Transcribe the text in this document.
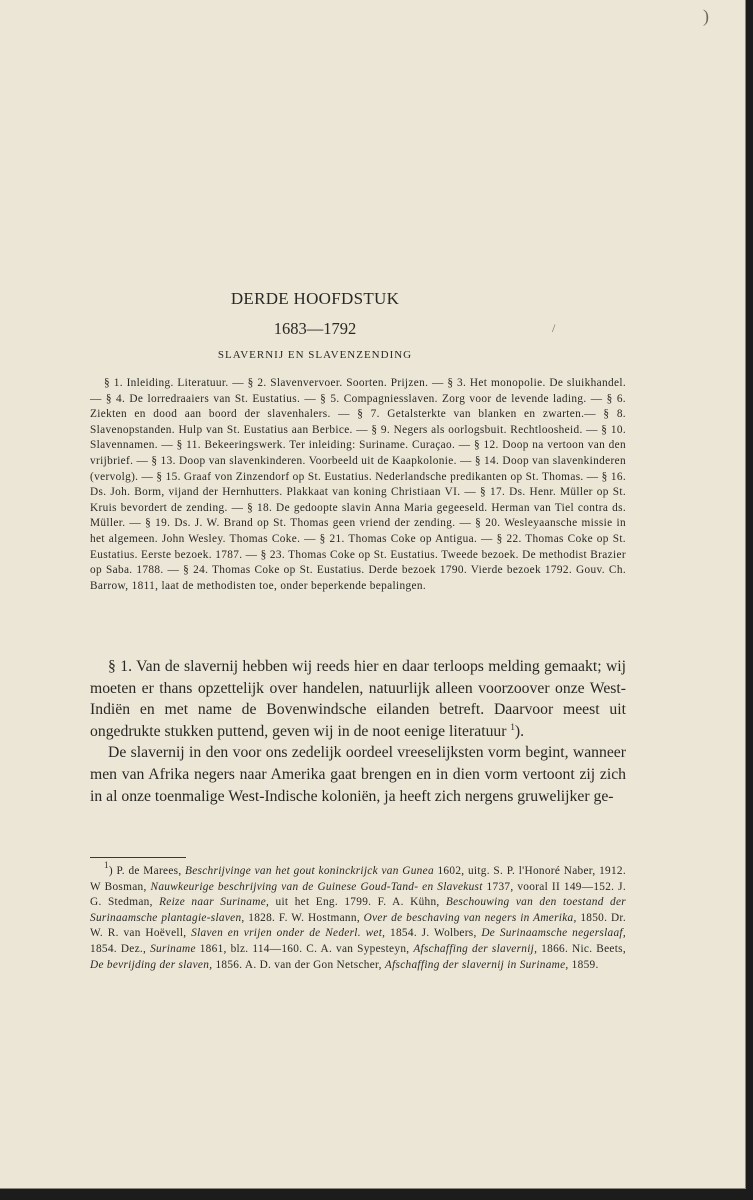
)
/
DERDE HOOFDSTUK
1683—1792
SLAVERNIJ EN SLAVENZENDING

§ 1. Inleiding. Literatuur. — § 2. Slavenvervoer. Soorten. Prijzen. — § 3. Het monopolie. De sluikhandel. — § 4. De lorredraaiers van St. Eustatius. — § 5. Compagniesslaven. Zorg voor de levende lading. — § 6. Ziekten en dood aan boord der slavenhalers. — § 7. Getalsterkte van blanken en zwarten.— § 8. Slavenopstanden. Hulp van St. Eustatius aan Berbice. — § 9. Negers als oorlogsbuit. Rechtloosheid. — § 10. Slavennamen. — § 11. Bekeeringswerk. Ter inleiding: Suriname. Curaçao. — § 12. Doop na vertoon van den vrijbrief. — § 13. Doop van slavenkinderen. Voorbeeld uit de Kaapkolonie. — § 14. Doop van slavenkinderen (vervolg). — § 15. Graaf von Zinzendorf op St. Eustatius. Nederlandsche predikanten op St. Thomas. — § 16. Ds. Joh. Borm, vijand der Hernhutters. Plakkaat van koning Christiaan VI. — § 17. Ds. Henr. Müller op St. Kruis bevordert de zending. — § 18. De gedoopte slavin Anna Maria gegeeseld. Herman van Tiel contra ds. Müller. — § 19. Ds. J. W. Brand op St. Thomas geen vriend der zending. — § 20. Wesleyaansche missie in het algemeen. John Wesley. Thomas Coke. — § 21. Thomas Coke op Antigua. — § 22. Thomas Coke op St. Eustatius. Eerste bezoek. 1787. — § 23. Thomas Coke op St. Eustatius. Tweede bezoek. De methodist Brazier op Saba. 1788. — § 24. Thomas Coke op St. Eustatius. Derde bezoek 1790. Vierde bezoek 1792. Gouv. Ch. Barrow, 1811, laat de methodisten toe, onder beperkende bepalingen.

§ 1. Van de slavernij hebben wij reeds hier en daar terloops melding gemaakt; wij moeten er thans opzettelijk over handelen, natuurlijk alleen voorzoover onze West-Indiën en met name de Bovenwindsche eilanden betreft. Daarvoor meest uit ongedrukte stukken puttend, geven wij in de noot eenige literatuur $^1$).

De slavernij in den voor ons zedelijk oordeel vreeselijksten vorm begint, wanneer men van Afrika negers naar Amerika gaat brengen en in dien vorm vertoont zij zich in al onze toenmalige West-Indische koloniën, ja heeft zich nergens gruwelijker ge-

$^1$) P. de Marees, Beschrijvinge van het gout koninckrijck van Gunea 1602, uitg. S. P. l'Honoré Naber, 1912. W Bosman, Nauwkeurige beschrijving van de Guinese Goud-Tand- en Slavekust 1737, vooral II 149—152. J. G. Stedman, Reize naar Suriname, uit het Eng. 1799. F. A. Kühn, Beschouwing van den toestand der Surinaamsche plantagie-slaven, 1828. F. W. Hostmann, Over de beschaving van negers in Amerika, 1850. Dr. W. R. van Hoëvell, Slaven en vrijen onder de Nederl. wet, 1854. J. Wolbers, De Surinaamsche negerslaaf, 1854. Dez., Suriname 1861, blz. 114—160. C. A. van Sypesteyn, Afschaffing der slavernij, 1866. Nic. Beets, De bevrijding der slaven, 1856. A. D. van der Gon Netscher, Afschaffing der slavernij in Suriname, 1859.
